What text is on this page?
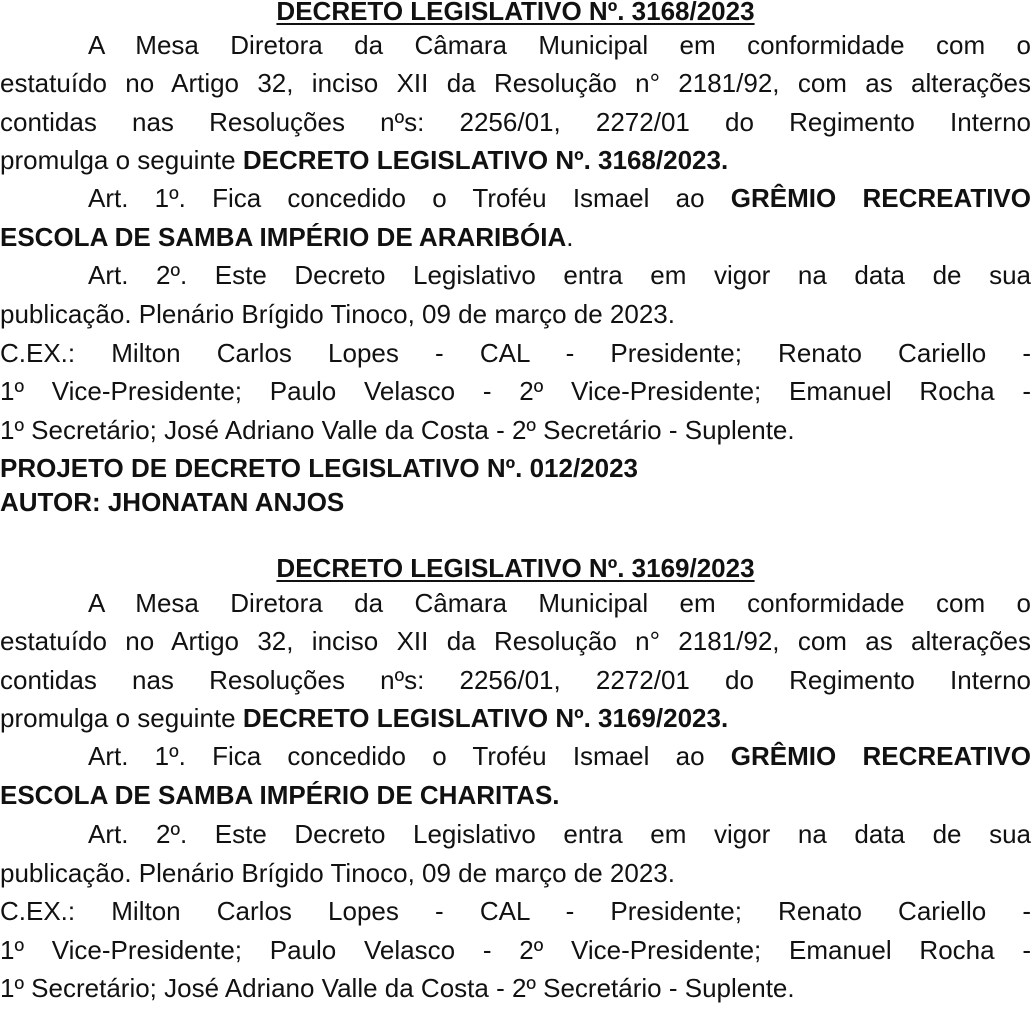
DECRETO LEGISLATIVO Nº. 3168/2023
A Mesa Diretora da Câmara Municipal em conformidade com o
estatuído no Artigo 32, inciso XII da Resolução n° 2181/92, com as alterações
contidas nas Resoluções nºs: 2256/01, 2272/01 do Regimento Interno
promulga o seguinte DECRETO LEGISLATIVO Nº. 3168/2023.
Art. 1º. Fica concedido o Troféu Ismael ao GRÊMIO RECREATIVO
ESCOLA DE SAMBA IMPÉRIO DE ARARIBÓIA.
Art. 2º. Este Decreto Legislativo entra em vigor na data de sua
publicação. Plenário Brígido Tinoco, 09 de março de 2023.
C.EX.: Milton Carlos Lopes - CAL - Presidente; Renato Cariello -
1º Vice-Presidente; Paulo Velasco - 2º Vice-Presidente; Emanuel Rocha -
1º Secretário; José Adriano Valle da Costa - 2º Secretário - Suplente.
PROJETO DE DECRETO LEGISLATIVO Nº. 012/2023
AUTOR: JHONATAN ANJOS
DECRETO LEGISLATIVO Nº. 3169/2023
A Mesa Diretora da Câmara Municipal em conformidade com o
estatuído no Artigo 32, inciso XII da Resolução n° 2181/92, com as alterações
contidas nas Resoluções nºs: 2256/01, 2272/01 do Regimento Interno
promulga o seguinte DECRETO LEGISLATIVO Nº. 3169/2023.
Art. 1º. Fica concedido o Troféu Ismael ao GRÊMIO RECREATIVO
ESCOLA DE SAMBA IMPÉRIO DE CHARITAS.
Art. 2º. Este Decreto Legislativo entra em vigor na data de sua
publicação. Plenário Brígido Tinoco, 09 de março de 2023.
C.EX.: Milton Carlos Lopes - CAL - Presidente; Renato Cariello -
1º Vice-Presidente; Paulo Velasco - 2º Vice-Presidente; Emanuel Rocha -
1º Secretário; José Adriano Valle da Costa - 2º Secretário - Suplente.
